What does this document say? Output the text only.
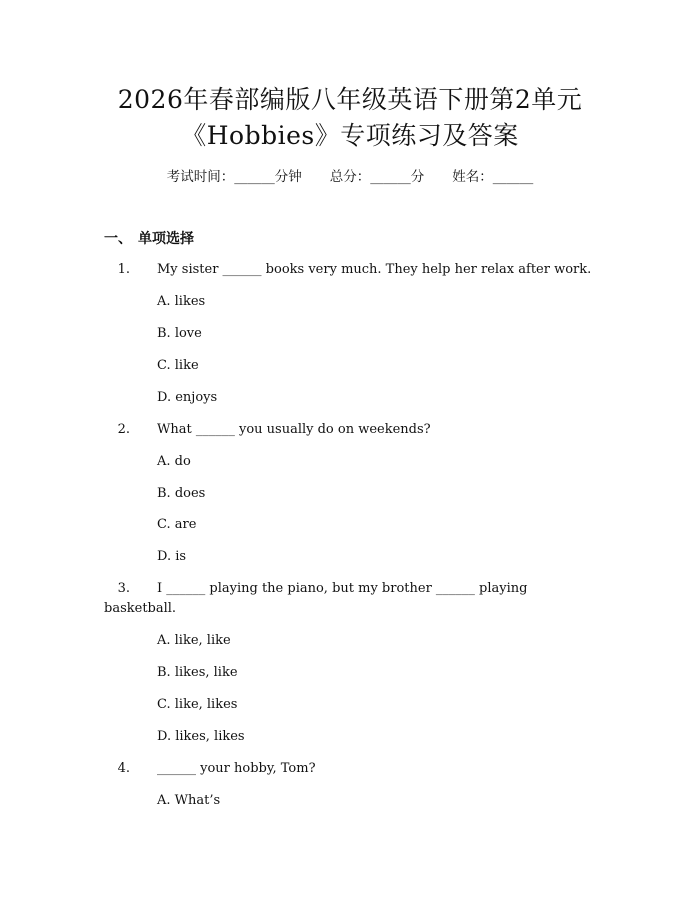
2026年春部编版八年级英语下册第2单元
《Hobbies》专项练习及答案
考试时间：______分钟 总分：______分 姓名：______
一、 单项选择
1. My sister ______ books very much. They help her relax after work.
A. likes
B. love
C. like
D. enjoys
2. What ______ you usually do on weekends?
A. do
B. does
C. are
D. is
3. I ______ playing the piano, but my brother ______ playing
basketball.
A. like, like
B. likes, like
C. like, likes
D. likes, likes
4. ______ your hobby, Tom?
A. What’s
